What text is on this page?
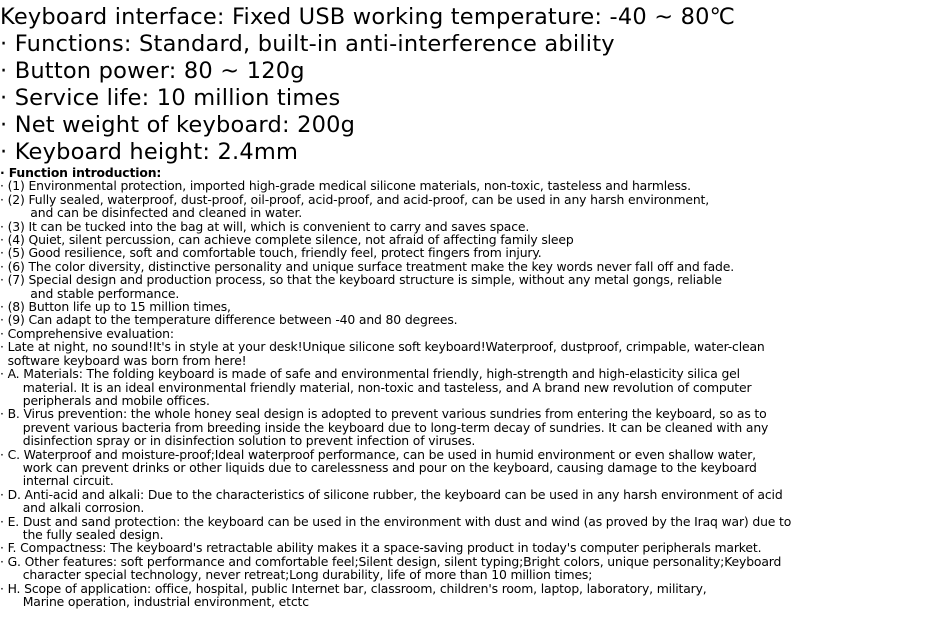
Keyboard interface: Fixed USB working temperature: -40 ~ 80℃
· Functions: Standard, built-in anti-interference ability
· Button power: 80 ~ 120g
· Service life: 10 million times
· Net weight of keyboard: 200g
· Keyboard height: 2.4mm
· Function introduction:
· (1) Environmental protection, imported high-grade medical silicone materials, non-toxic, tasteless and harmless.
· (2) Fully sealed, waterproof, dust-proof, oil-proof, acid-proof, and acid-proof, can be used in any harsh environment,
and can be disinfected and cleaned in water.
· (3) It can be tucked into the bag at will, which is convenient to carry and saves space.
· (4) Quiet, silent percussion, can achieve complete silence, not afraid of affecting family sleep
· (5) Good resilience, soft and comfortable touch, friendly feel, protect fingers from injury.
· (6) The color diversity, distinctive personality and unique surface treatment make the key words never fall off and fade.
· (7) Special design and production process, so that the keyboard structure is simple, without any metal gongs, reliable
and stable performance.
· (8) Button life up to 15 million times,
· (9) Can adapt to the temperature difference between -40 and 80 degrees.
· Comprehensive evaluation:
· Late at night, no sound!It's in style at your desk!Unique silicone soft keyboard!Waterproof, dustproof, crimpable, water-clean
software keyboard was born from here!
· A. Materials: The folding keyboard is made of safe and environmental friendly, high-strength and high-elasticity silica gel
material. It is an ideal environmental friendly material, non-toxic and tasteless, and A brand new revolution of computer
peripherals and mobile offices.
· B. Virus prevention: the whole honey seal design is adopted to prevent various sundries from entering the keyboard, so as to
prevent various bacteria from breeding inside the keyboard due to long-term decay of sundries. It can be cleaned with any
disinfection spray or in disinfection solution to prevent infection of viruses.
· C. Waterproof and moisture-proof;Ideal waterproof performance, can be used in humid environment or even shallow water,
work can prevent drinks or other liquids due to carelessness and pour on the keyboard, causing damage to the keyboard
internal circuit.
· D. Anti-acid and alkali: Due to the characteristics of silicone rubber, the keyboard can be used in any harsh environment of acid
and alkali corrosion.
· E. Dust and sand protection: the keyboard can be used in the environment with dust and wind (as proved by the Iraq war) due to
the fully sealed design.
· F. Compactness: The keyboard's retractable ability makes it a space-saving product in today's computer peripherals market.
· G. Other features: soft performance and comfortable feel;Silent design, silent typing;Bright colors, unique personality;Keyboard
character special technology, never retreat;Long durability, life of more than 10 million times;
· H. Scope of application: office, hospital, public Internet bar, classroom, children's room, laptop, laboratory, military,
Marine operation, industrial environment, etctc
